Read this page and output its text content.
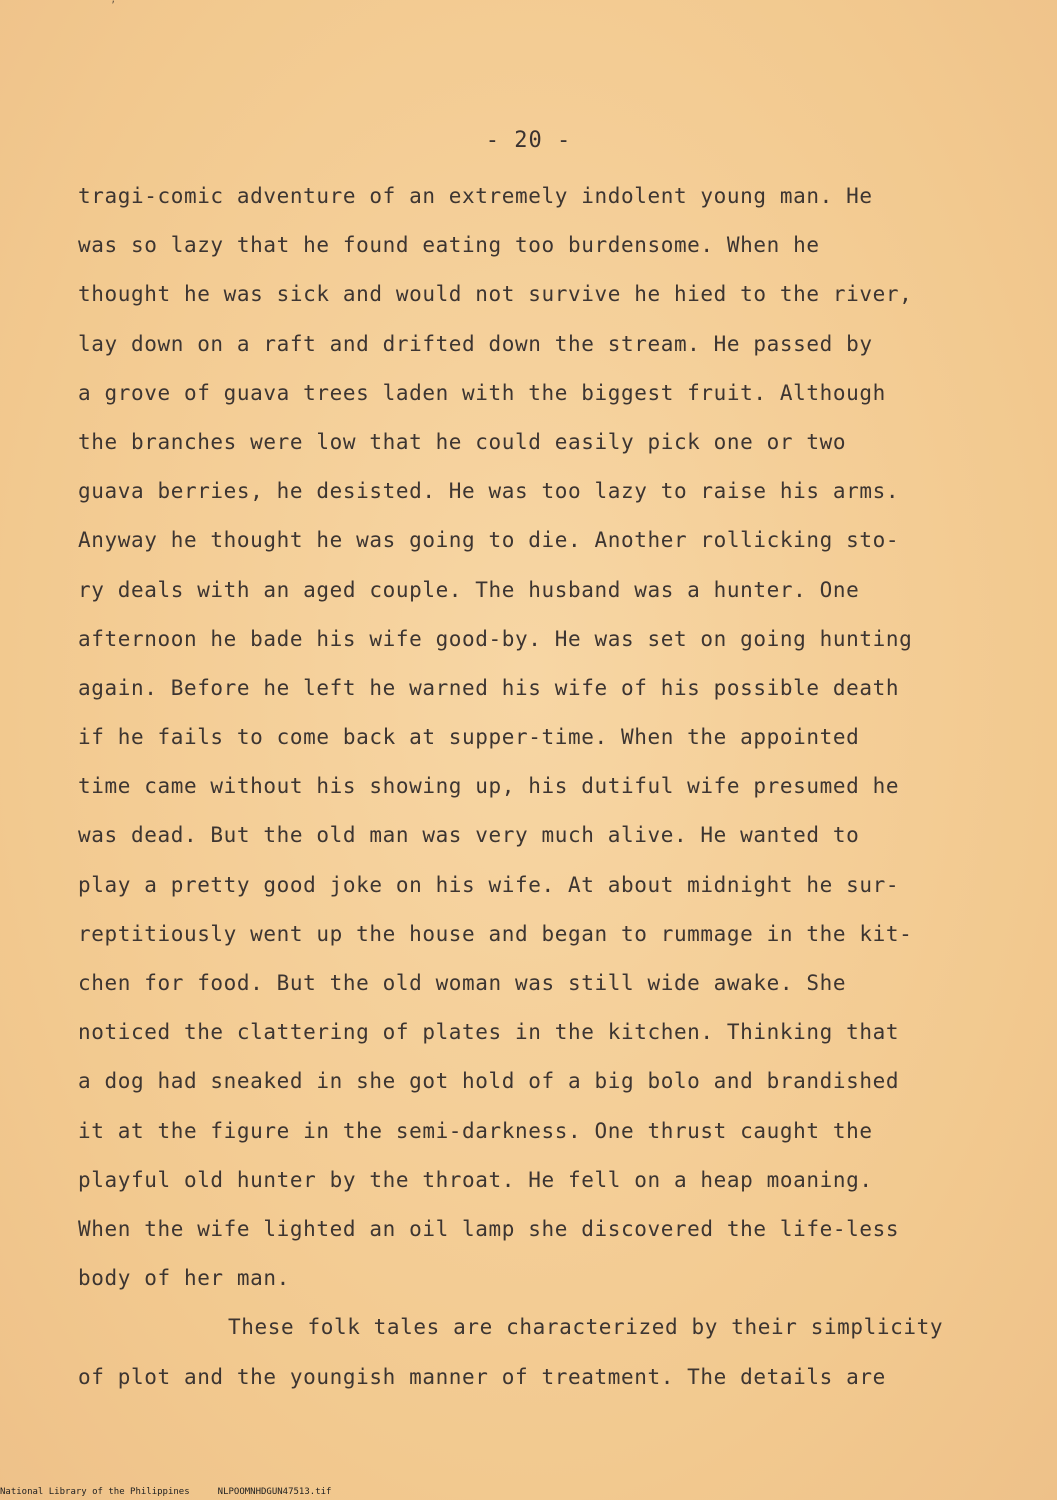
ʼ
- 20 -
tragi-comic adventure of an extremely indolent young man. He
was so lazy that he found eating too burdensome. When he
thought he was sick and would not survive he hied to the river,
lay down on a raft and drifted down the stream. He passed by
a grove of guava trees laden with the biggest fruit. Although
the branches were low that he could easily pick one or two
guava berries, he desisted. He was too lazy to raise his arms.
Anyway he thought he was going to die. Another rollicking sto-
ry deals with an aged couple. The husband was a hunter. One
afternoon he bade his wife good-by. He was set on going hunting
again. Before he left he warned his wife of his possible death
if he fails to come back at supper-time. When the appointed
time came without his showing up, his dutiful wife presumed he
was dead. But the old man was very much alive. He wanted to
play a pretty good joke on his wife. At about midnight he sur-
reptitiously went up the house and began to rummage in the kit-
chen for food. But the old woman was still wide awake. She
noticed the clattering of plates in the kitchen. Thinking that
a dog had sneaked in she got hold of a big bolo and brandished
it at the figure in the semi-darkness. One thrust caught the
playful old hunter by the throat. He fell on a heap moaning.
When the wife lighted an oil lamp she discovered the life-less
body of her man.
These folk tales are characterized by their simplicity
of plot and the youngish manner of treatment. The details are
National Library of the Philippines	NLPOOMNHDGUN47513.tif
